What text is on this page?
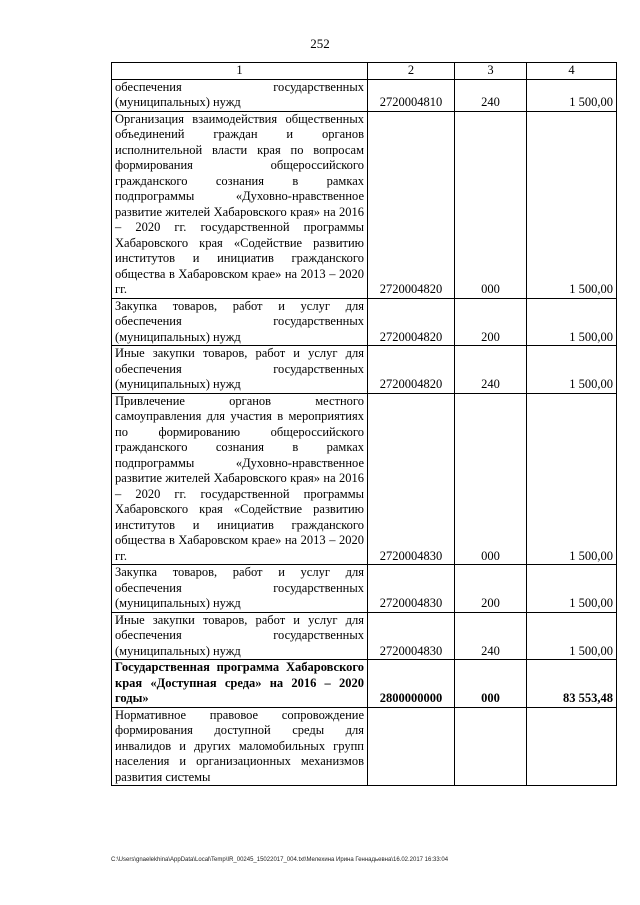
252
1	2	3	4
обеспечения государственных (муниципальных) нужд	2720004810	240	1 500,00
Организация взаимодействия общественных объединений граждан и органов исполнительной власти края по вопросам формирования общероссийского гражданского сознания в рамках подпрограммы «Духовно-нравственное развитие жителей Хабаровского края» на 2016 – 2020 гг. государственной программы Хабаровского края «Содействие развитию институтов и инициатив гражданского общества в Хабаровском крае» на 2013 – 2020 гг.	2720004820	000	1 500,00
Закупка товаров, работ и услуг для обеспечения государственных (муниципальных) нужд	2720004820	200	1 500,00
Иные закупки товаров, работ и услуг для обеспечения государственных (муниципальных) нужд	2720004820	240	1 500,00
Привлечение органов местного самоуправления для участия в мероприятиях по формированию общероссийского гражданского сознания в рамках подпрограммы «Духовно-нравственное развитие жителей Хабаровского края» на 2016 – 2020 гг. государственной программы Хабаровского края «Содействие развитию институтов и инициатив гражданского общества в Хабаровском крае» на 2013 – 2020 гг.	2720004830	000	1 500,00
Закупка товаров, работ и услуг для обеспечения государственных (муниципальных) нужд	2720004830	200	1 500,00
Иные закупки товаров, работ и услуг для обеспечения государственных (муниципальных) нужд	2720004830	240	1 500,00
Государственная программа Хабаровского края «Доступная среда» на 2016 – 2020 годы»	2800000000	000	83 553,48
Нормативное правовое сопровождение формирования доступной среды для инвалидов и других маломобильных групп населения и организационных механизмов развития системы			
C:\Users\gnaelekhina\AppData\Local\Temp\IR_00245_15022017_004.txt\Мелехина Ирина Геннадьевна\16.02.2017 16:33:04
